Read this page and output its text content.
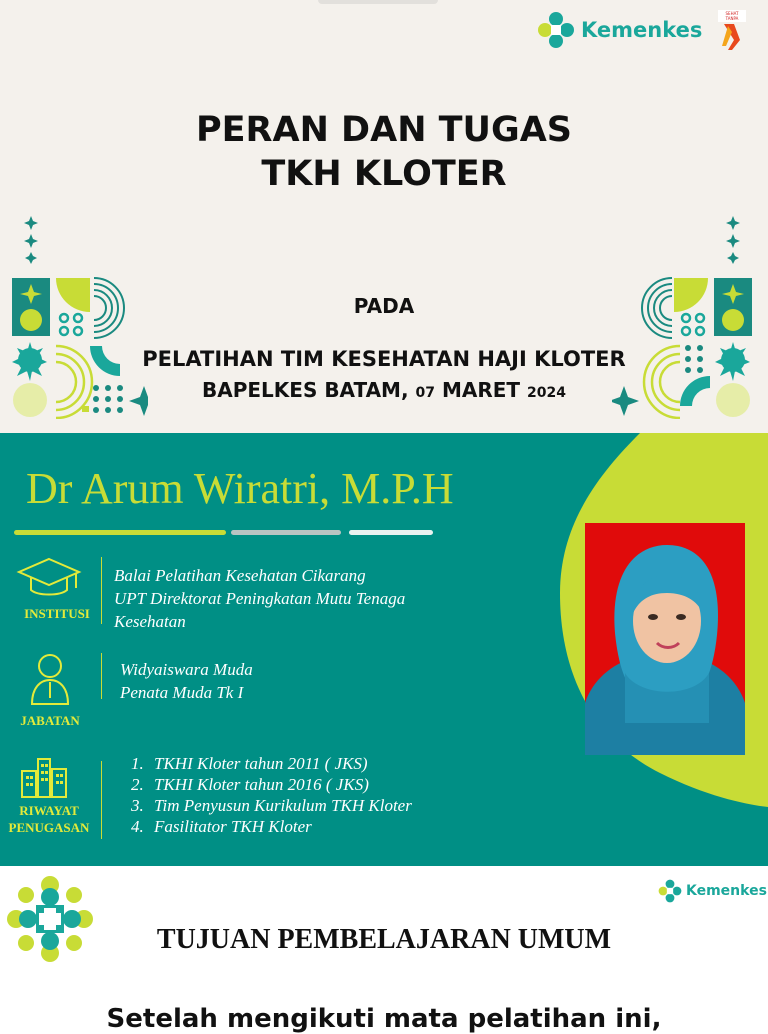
Kemenkes
SEHAT
TANPA
PERAN DAN TUGAS
TKH KLOTER
PADA
PELATIHAN TIM KESEHATAN HAJI KLOTER
BAPELKES BATAM, 07 MARET 2024
Dr Arum Wiratri, M.P.H
INSTITUSI
Balai Pelatihan Kesehatan Cikarang
UPT Direktorat Peningkatan Mutu Tenaga
Kesehatan
JABATAN
Widyaiswara Muda
Penata Muda Tk I
RIWAYAT
PENUGASAN
1. TKHI Kloter tahun 2011 ( JKS)
2. TKHI Kloter tahun 2016 ( JKS)
3. Tim Penyusun Kurikulum TKH Kloter
4. Fasilitator TKH Kloter
Kemenkes
TUJUAN PEMBELAJARAN UMUM
Setelah mengikuti mata pelatihan ini,
